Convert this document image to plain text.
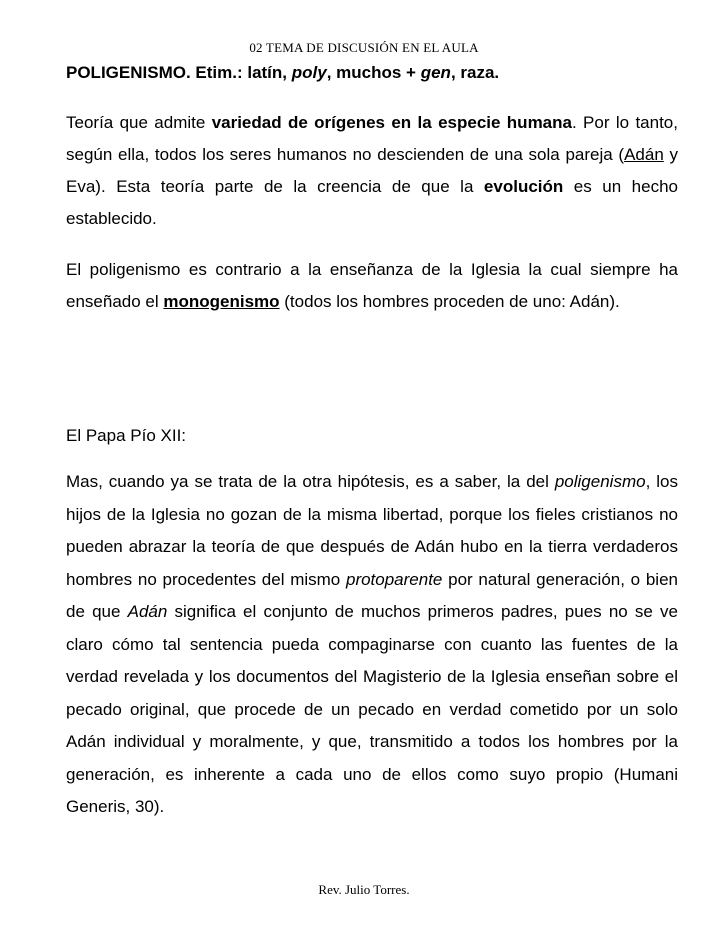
02 TEMA DE DISCUSIÓN EN EL AULA
POLIGENISMO. Etim.: latín, poly, muchos + gen, raza.
Teoría que admite variedad de orígenes en la especie humana. Por lo tanto, según ella, todos los seres humanos no descienden de una sola pareja (Adán y Eva). Esta teoría parte de la creencia de que la evolución es un hecho establecido.
El poligenismo es contrario a la enseñanza de la Iglesia la cual siempre ha enseñado el monogenismo (todos los hombres proceden de uno: Adán).
El Papa Pío XII:
Mas, cuando ya se trata de la otra hipótesis, es a saber, la del poligenismo, los hijos de la Iglesia no gozan de la misma libertad, porque los fieles cristianos no pueden abrazar la teoría de que después de Adán hubo en la tierra verdaderos hombres no procedentes del mismo protoparente por natural generación, o bien de que Adán significa el conjunto de muchos primeros padres, pues no se ve claro cómo tal sentencia pueda compaginarse con cuanto las fuentes de la verdad revelada y los documentos del Magisterio de la Iglesia enseñan sobre el pecado original, que procede de un pecado en verdad cometido por un solo Adán individual y moralmente, y que, transmitido a todos los hombres por la generación, es inherente a cada uno de ellos como suyo propio (Humani Generis, 30).
Rev. Julio Torres.
